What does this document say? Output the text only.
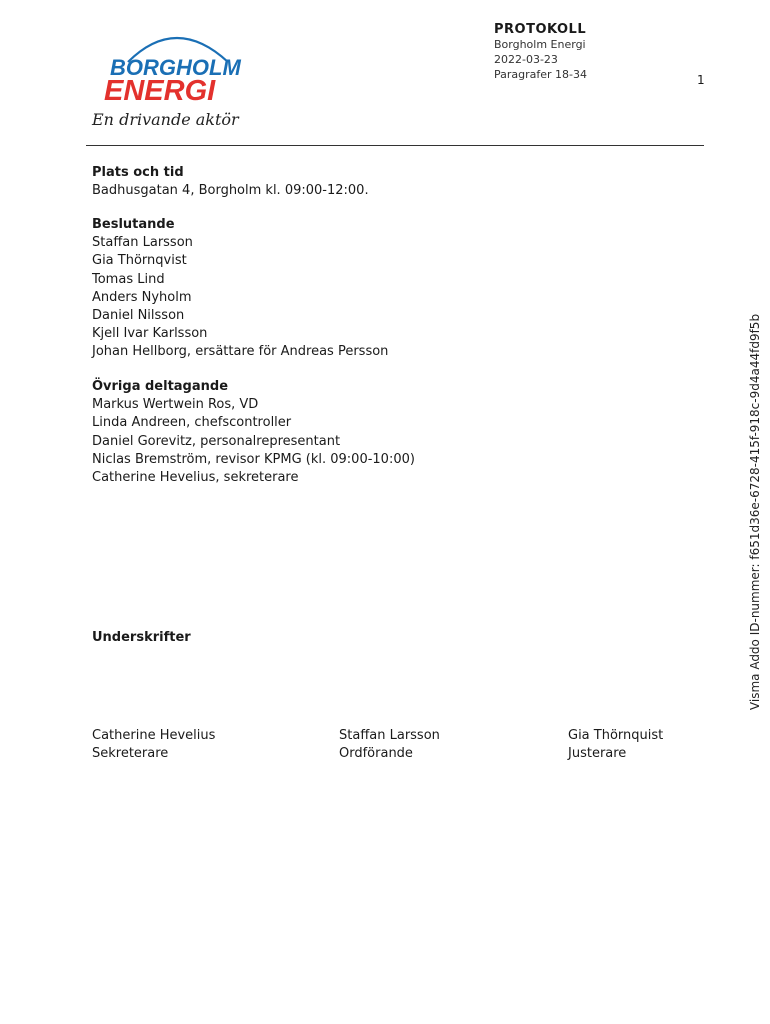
BORGHOLM
ENERGI
En drivande aktör
PROTOKOLL
Borgholm Energi
2022-03-23
Paragrafer 18-34	1
Plats och tid
Badhusgatan 4, Borgholm kl. 09:00-12:00.
Beslutande
Staffan Larsson
Gia Thörnqvist
Tomas Lind
Anders Nyholm
Daniel Nilsson
Kjell Ivar Karlsson
Johan Hellborg, ersättare för Andreas Persson
Övriga deltagande
Markus Wertwein Ros, VD
Linda Andreen, chefscontroller
Daniel Gorevitz, personalrepresentant
Niclas Bremström, revisor KPMG (kl. 09:00-10:00)
Catherine Hevelius, sekreterare
Underskrifter
Catherine Hevelius
Sekreterare
Staffan Larsson
Ordförande
Gia Thörnquist
Justerare
Visma Addo ID-nummer: f651d36e-6728-415f-918c-9d4a44fd9f5b
